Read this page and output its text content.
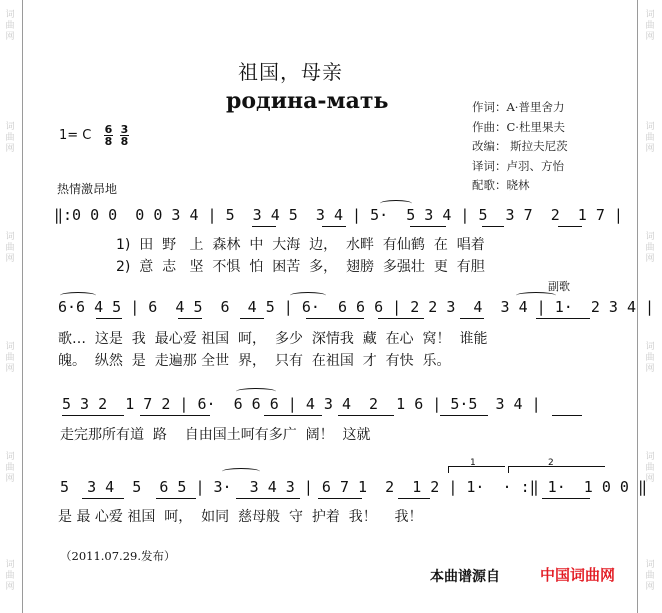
词
曲
网
词
曲
网
词
曲
网
词
曲
网
词
曲
网
词
曲
网
词
曲
网
词
曲
网
词
曲
网
词
曲
网
词
曲
网
词
曲
网
祖国，母亲
родина-мать	作词：A·普里舍力
作曲：C·杜里果夫
改编： 斯拉夫尼茨
译词：卢羽、方怡
配歌：晓林
1= C 6
8
3
8
热情激昂地
副歌
‖:0 0 0  0 0 3 4 | 5  3 4 5  3 4 | 5·  5 3 4 | 5  3 7  2  1 7 |
1)  田  野   上  森林  中  大海  边，  水畔  有仙鹤  在  唱着
2)  意  志   坚  不惧  怕  困苦  多，  翅膀  多强壮  更  有胆
6·6 4 5 | 6  4 5  6  4 5 | 6·  6 6 6 | 2 2 3  4  3 4 | 1·  2 3 4 |
歌…  这是  我  最心爱 祖国  呵，  多少  深情我  藏  在心  窝！  谁能
魄。  纵然  是  走遍那 全世  界，  只有  在祖国  才  有快  乐。
5 3 2  1 7 2 | 6·  6 6 6 | 4 3 4  2  1 6 | 5·5  3 4 |
走完那所有道  路    自由国土呵有多广  阔！  这就
1	2
5  3 4  5  6 5 | 3·  3 4 3 | 6 7 1  2  1 2 | 1·  · :‖ 1·  1 0 0 ‖
是 最 心爱 祖国  呵，  如同  慈母般  守  护着  我！    我！
（2011.07.29.发布）
本曲谱源自	中国词曲网
